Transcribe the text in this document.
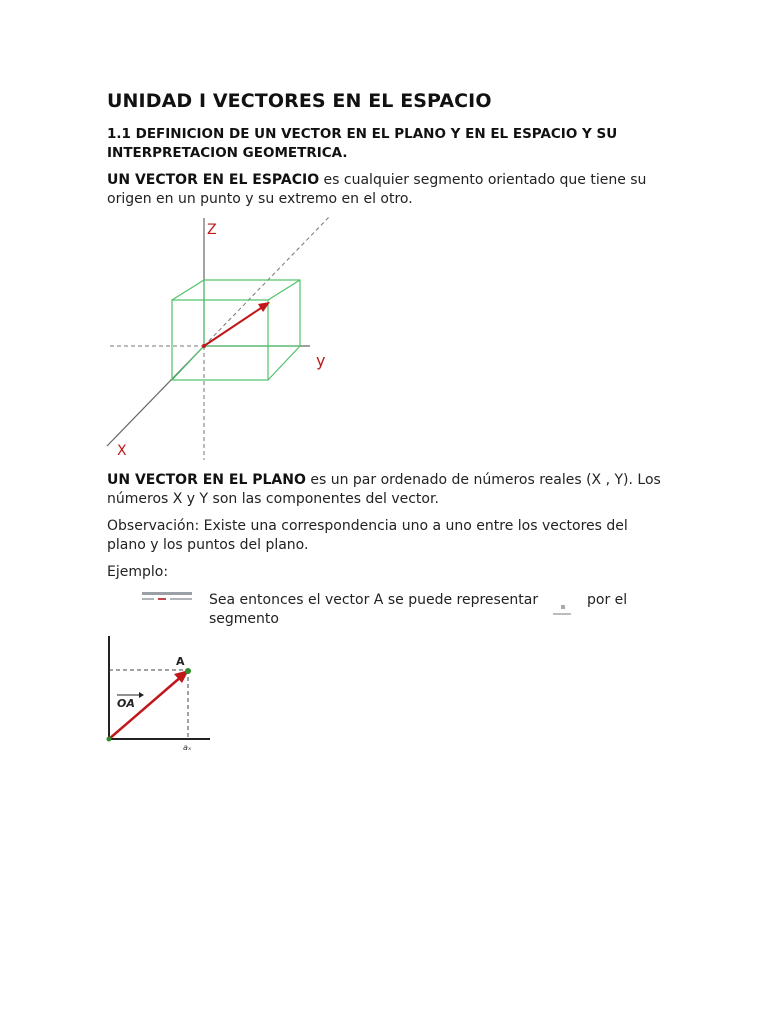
UNIDAD I VECTORES EN EL ESPACIO

1.1 DEFINICION DE UN VECTOR EN EL PLANO Y EN EL ESPACIO Y SU INTERPRETACION GEOMETRICA.

UN VECTOR EN EL ESPACIO es cualquier segmento orientado que tiene su origen en un punto y su extremo en el otro.

Z
y
X

UN VECTOR EN EL PLANO es un par ordenado de números reales (X , Y). Los números X y Y son las componentes del vector.

Observación: Existe una correspondencia uno a uno entre los vectores del plano y los puntos del plano.

Ejemplo:

Sea entonces el vector A se puede representar
segmento

por el

A
OA
aₓ
